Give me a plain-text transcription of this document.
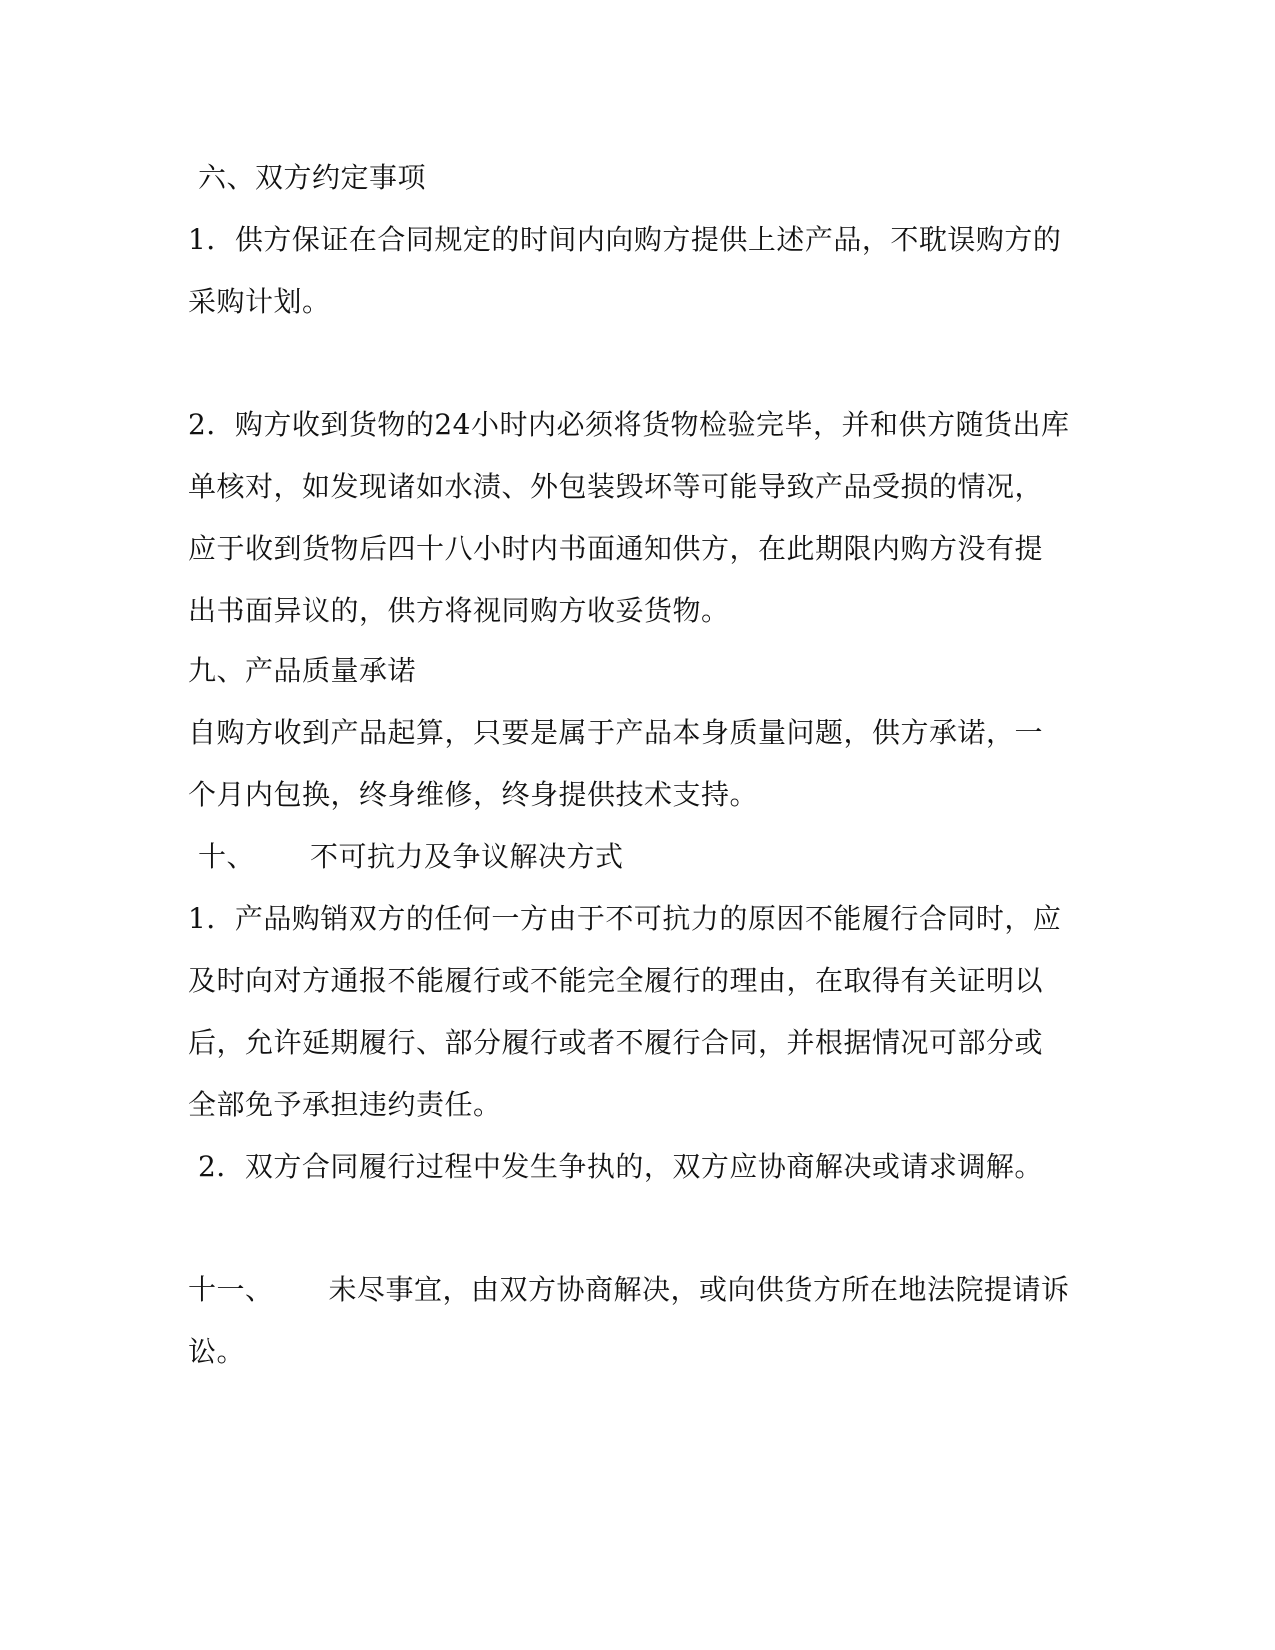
六、双方约定事项
1．供方保证在合同规定的时间内向购方提供上述产品，不耽误购方的
采购计划。
2．购方收到货物的24小时内必须将货物检验完毕，并和供方随货出库
单核对，如发现诸如水渍、外包装毁坏等可能导致产品受损的情况，
应于收到货物后四十八小时内书面通知供方，在此期限内购方没有提
出书面异议的，供方将视同购方收妥货物。
九、产品质量承诺
自购方收到产品起算，只要是属于产品本身质量问题，供方承诺，一
个月内包换，终身维修，终身提供技术支持。
十、 不可抗力及争议解决方式
1．产品购销双方的任何一方由于不可抗力的原因不能履行合同时，应
及时向对方通报不能履行或不能完全履行的理由，在取得有关证明以
后，允许延期履行、部分履行或者不履行合同，并根据情况可部分或
全部免予承担违约责任。
2．双方合同履行过程中发生争执的，双方应协商解决或请求调解。
十一、 未尽事宜，由双方协商解决，或向供货方所在地法院提请诉
讼。
